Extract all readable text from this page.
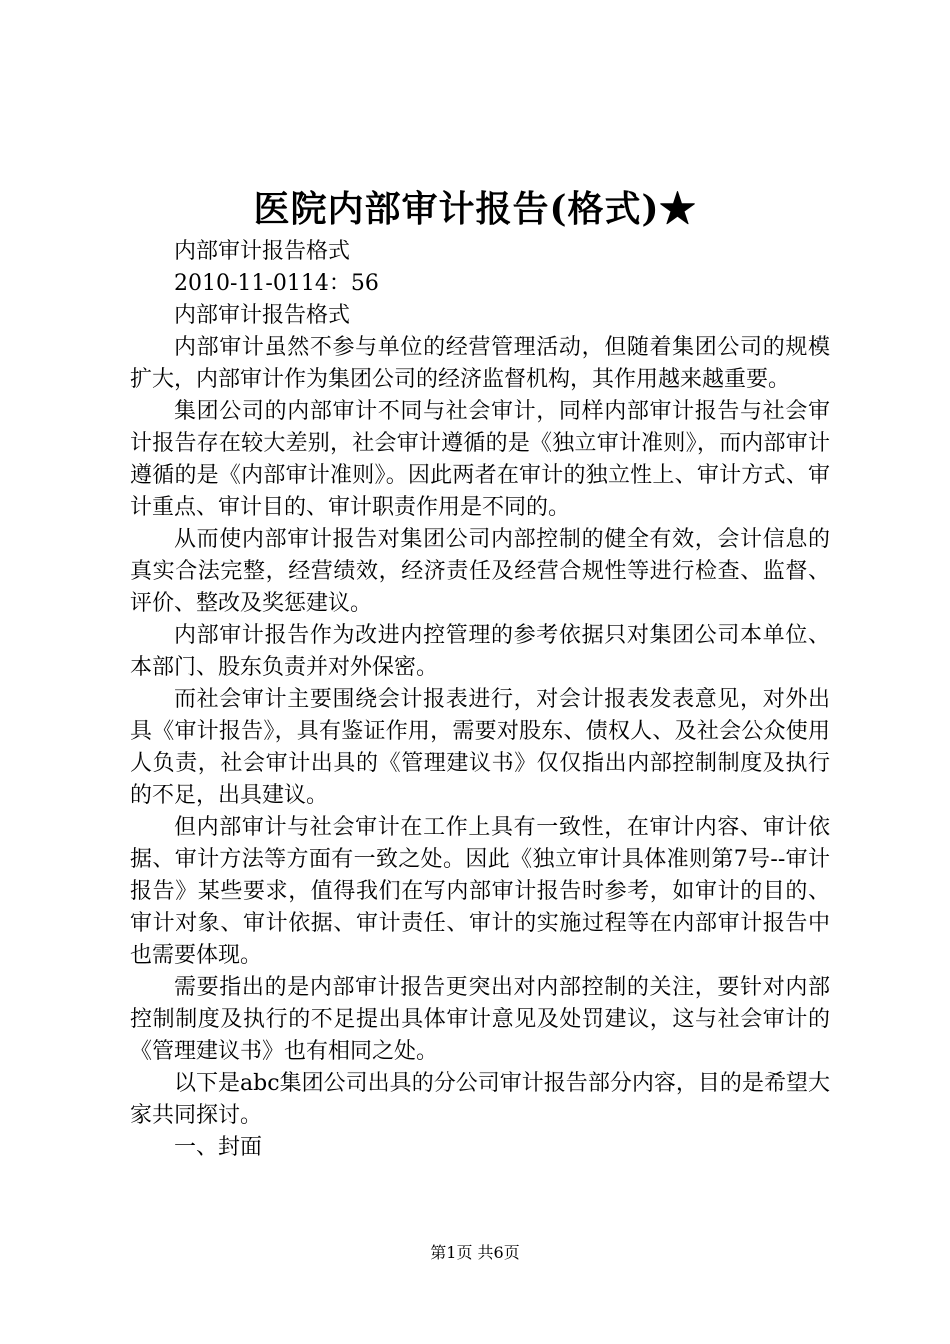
医院内部审计报告(格式)★

内部审计报告格式

2010-11-0114：56

内部审计报告格式

内部审计虽然不参与单位的经营管理活动，但随着集团公司的规模扩大，内部审计作为集团公司的经济监督机构，其作用越来越重要。

集团公司的内部审计不同与社会审计，同样内部审计报告与社会审计报告存在较大差别，社会审计遵循的是《独立审计准则》，而内部审计遵循的是《内部审计准则》。因此两者在审计的独立性上、审计方式、审计重点、审计目的、审计职责作用是不同的。

从而使内部审计报告对集团公司内部控制的健全有效，会计信息的真实合法完整，经营绩效，经济责任及经营合规性等进行检查、监督、评价、整改及奖惩建议。

内部审计报告作为改进内控管理的参考依据只对集团公司本单位、本部门、股东负责并对外保密。

而社会审计主要围绕会计报表进行，对会计报表发表意见，对外出具《审计报告》，具有鉴证作用，需要对股东、债权人、及社会公众使用人负责，社会审计出具的《管理建议书》仅仅指出内部控制制度及执行的不足，出具建议。

但内部审计与社会审计在工作上具有一致性，在审计内容、审计依据、审计方法等方面有一致之处。因此《独立审计具体准则第7号--审计报告》某些要求，值得我们在写内部审计报告时参考，如审计的目的、审计对象、审计依据、审计责任、审计的实施过程等在内部审计报告中也需要体现。

需要指出的是内部审计报告更突出对内部控制的关注，要针对内部控制制度及执行的不足提出具体审计意见及处罚建议，这与社会审计的《管理建议书》也有相同之处。

以下是abc集团公司出具的分公司审计报告部分内容，目的是希望大家共同探讨。

一、封面

第1页 共6页
